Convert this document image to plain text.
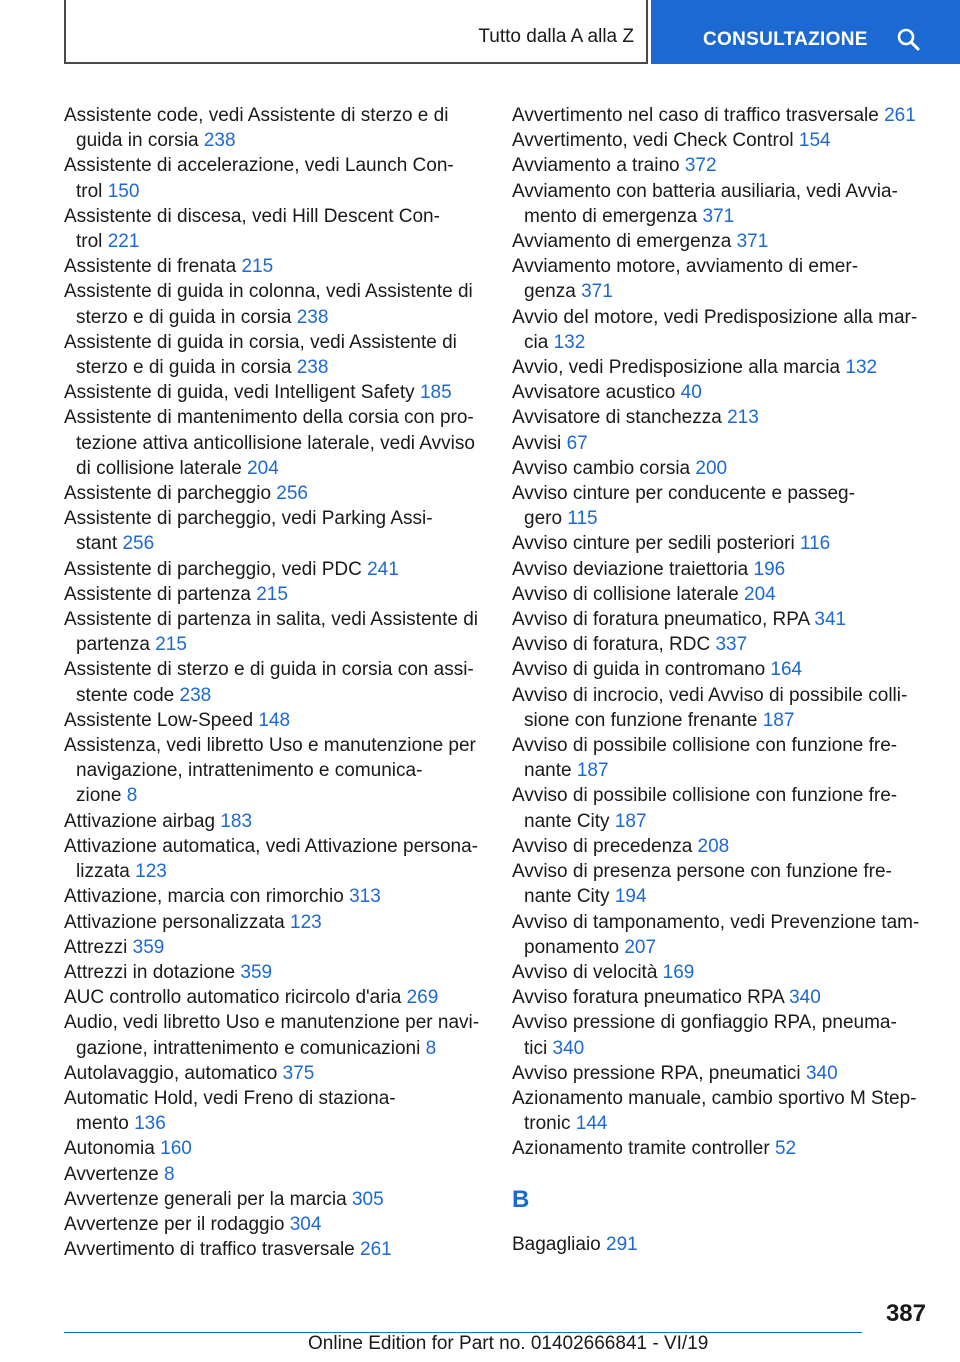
Tutto dalla A alla Z	CONSULTAZIONE
Assistente code, vedi Assistente di sterzo e di

guida in corsia 238
Assistente di accelerazione, vedi Launch Con-

trol 150
Assistente di discesa, vedi Hill Descent Con-

trol 221
Assistente di frenata 215
Assistente di guida in colonna, vedi Assistente di

sterzo e di guida in corsia 238
Assistente di guida in corsia, vedi Assistente di

sterzo e di guida in corsia 238
Assistente di guida, vedi Intelligent Safety 185
Assistente di mantenimento della corsia con pro-

tezione attiva anticollisione laterale, vedi Avviso
di collisione laterale 204
Assistente di parcheggio 256
Assistente di parcheggio, vedi Parking Assi-

stant 256
Assistente di parcheggio, vedi PDC 241
Assistente di partenza 215
Assistente di partenza in salita, vedi Assistente di

partenza 215
Assistente di sterzo e di guida in corsia con assi-

stente code 238
Assistente Low-Speed 148
Assistenza, vedi libretto Uso e manutenzione per

navigazione, intrattenimento e comunica-
zione 8
Attivazione airbag 183
Attivazione automatica, vedi Attivazione persona-

lizzata 123
Attivazione, marcia con rimorchio 313
Attivazione personalizzata 123
Attrezzi 359
Attrezzi in dotazione 359
AUC controllo automatico ricircolo d'aria 269
Audio, vedi libretto Uso e manutenzione per navi-

gazione, intrattenimento e comunicazioni 8
Autolavaggio, automatico 375
Automatic Hold, vedi Freno di staziona-

mento 136
Autonomia 160
Avvertenze 8
Avvertenze generali per la marcia 305
Avvertenze per il rodaggio 304
Avvertimento di traffico trasversale 261
Avvertimento nel caso di traffico trasversale 261
Avvertimento, vedi Check Control 154
Avviamento a traino 372
Avviamento con batteria ausiliaria, vedi Avvia-

mento di emergenza 371
Avviamento di emergenza 371
Avviamento motore, avviamento di emer-

genza 371
Avvio del motore, vedi Predisposizione alla mar-

cia 132
Avvio, vedi Predisposizione alla marcia 132
Avvisatore acustico 40
Avvisatore di stanchezza 213
Avvisi 67
Avviso cambio corsia 200
Avviso cinture per conducente e passeg-

gero 115
Avviso cinture per sedili posteriori 116
Avviso deviazione traiettoria 196
Avviso di collisione laterale 204
Avviso di foratura pneumatico, RPA 341
Avviso di foratura, RDC 337
Avviso di guida in contromano 164
Avviso di incrocio, vedi Avviso di possibile colli-

sione con funzione frenante 187
Avviso di possibile collisione con funzione fre-

nante 187
Avviso di possibile collisione con funzione fre-

nante City 187
Avviso di precedenza 208
Avviso di presenza persone con funzione fre-

nante City 194
Avviso di tamponamento, vedi Prevenzione tam-

ponamento 207
Avviso di velocità 169
Avviso foratura pneumatico RPA 340
Avviso pressione di gonfiaggio RPA, pneuma-

tici 340
Avviso pressione RPA, pneumatici 340
Azionamento manuale, cambio sportivo M Step-

tronic 144
Azionamento tramite controller 52
B
Bagagliaio 291
387
Online Edition for Part no. 01402666841 - VI/19
